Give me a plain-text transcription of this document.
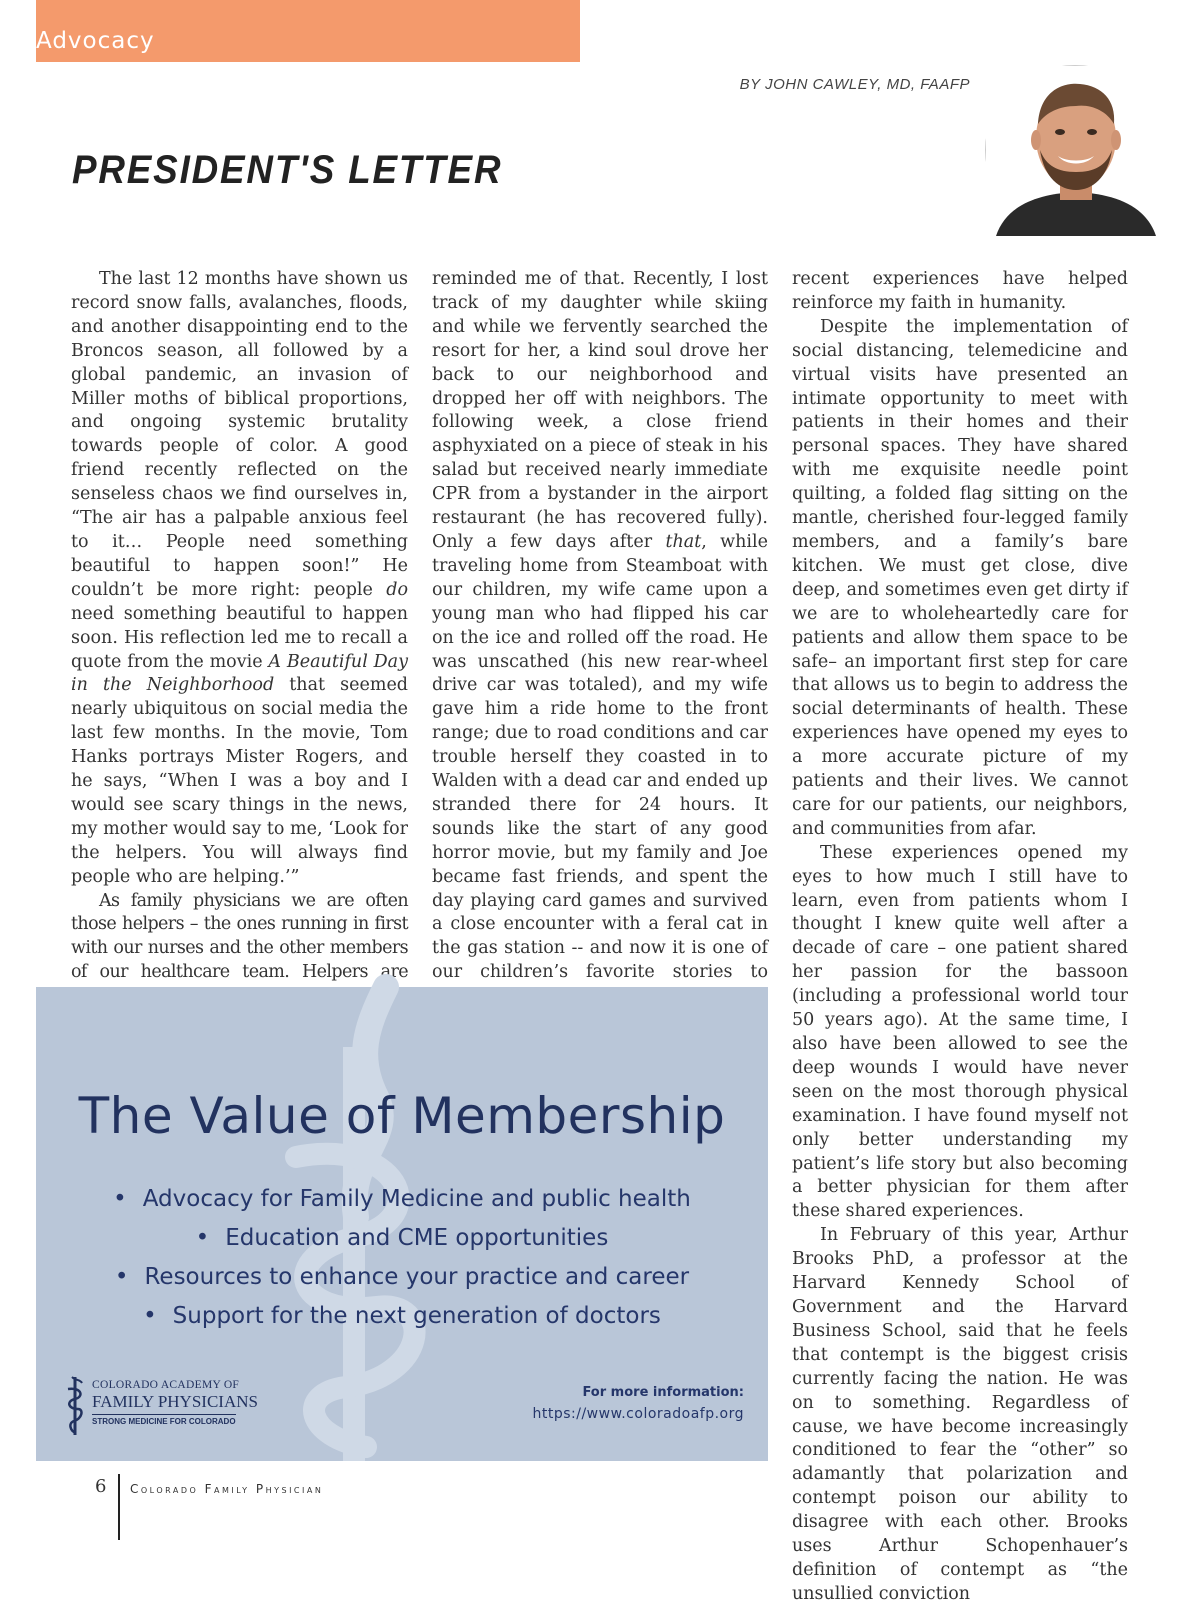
Advocacy
BY JOHN CAWLEY, MD, FAAFP
PRESIDENT'S LETTER

The last 12 months have shown us record snow falls, avalanches, floods, and another disappointing end to the Broncos season, all followed by a global pandemic, an invasion of Miller moths of biblical proportions, and ongoing systemic brutality towards people of color. A good friend recently reflected on the senseless chaos we find ourselves in, “The air has a palpable anxious feel to it… People need something beautiful to happen soon!” He couldn’t be more right: people do need something beautiful to happen soon. His reflection led me to recall a quote from the movie A Beautiful Day in the Neighborhood that seemed nearly ubiquitous on social media the last few months. In the movie, Tom Hanks portrays Mister Rogers, and he says, “When I was a boy and I would see scary things in the news, my mother would say to me, ‘Look for the helpers. You will always find people who are helping.’”

As family physicians we are often those helpers – the ones running in first with our nurses and the other members of our healthcare team. Helpers are

reminded me of that. Recently, I lost track of my daughter while skiing and while we fervently searched the resort for her, a kind soul drove her back to our neighborhood and dropped her off with neighbors. The following week, a close friend asphyxiated on a piece of steak in his salad but received nearly immediate CPR from a bystander in the airport restaurant (he has recovered fully). Only a few days after that, while traveling home from Steamboat with our children, my wife came upon a young man who had flipped his car on the ice and rolled off the road. He was unscathed (his new rear-wheel drive car was totaled), and my wife gave him a ride home to the front range; due to road conditions and car trouble herself they coasted in to Walden with a dead car and ended up stranded there for 24 hours. It sounds like the start of any good horror movie, but my family and Joe became fast friends, and spent the day playing card games and survived a close encounter with a feral cat in the gas station -- and now it is one of our children’s favorite stories to

recent experiences have helped reinforce my faith in humanity.

Despite the implementation of social distancing, telemedicine and virtual visits have presented an intimate opportunity to meet with patients in their homes and their personal spaces. They have shared with me exquisite needle point quilting, a folded flag sitting on the mantle, cherished four-legged family members, and a family’s bare kitchen. We must get close, dive deep, and sometimes even get dirty if we are to wholeheartedly care for patients and allow them space to be safe– an important first step for care that allows us to begin to address the social determinants of health. These experiences have opened my eyes to a more accurate picture of my patients and their lives. We cannot care for our patients, our neighbors, and communities from afar.

These experiences opened my eyes to how much I still have to learn, even from patients whom I thought I knew quite well after a decade of care – one patient shared her passion for the bassoon (including a professional world tour 50 years ago). At the same time, I also have been allowed to see the deep wounds I would have never seen on the most thorough physical examination. I have found myself not only better understanding my patient’s life story but also becoming a better physician for them after these shared experiences.

In February of this year, Arthur Brooks PhD, a professor at the Harvard Kennedy School of Government and the Harvard Business School, said that he feels that contempt is the biggest crisis currently facing the nation. He was on to something. Regardless of cause, we have become increasingly conditioned to fear the “other” so adamantly that polarization and contempt poison our ability to disagree with each other. Brooks uses Arthur Schopenhauer’s definition of contempt as “the unsullied conviction

The Value of Membership
• Advocacy for Family Medicine and public health
• Education and CME opportunities
• Resources to enhance your practice and career
• Support for the next generation of doctors
COLORADO ACADEMY OF
FAMILY PHYSICIANS
STRONG MEDICINE FOR COLORADO
For more information:
https://www.coloradoafp.org
6 Colorado Family Physician
